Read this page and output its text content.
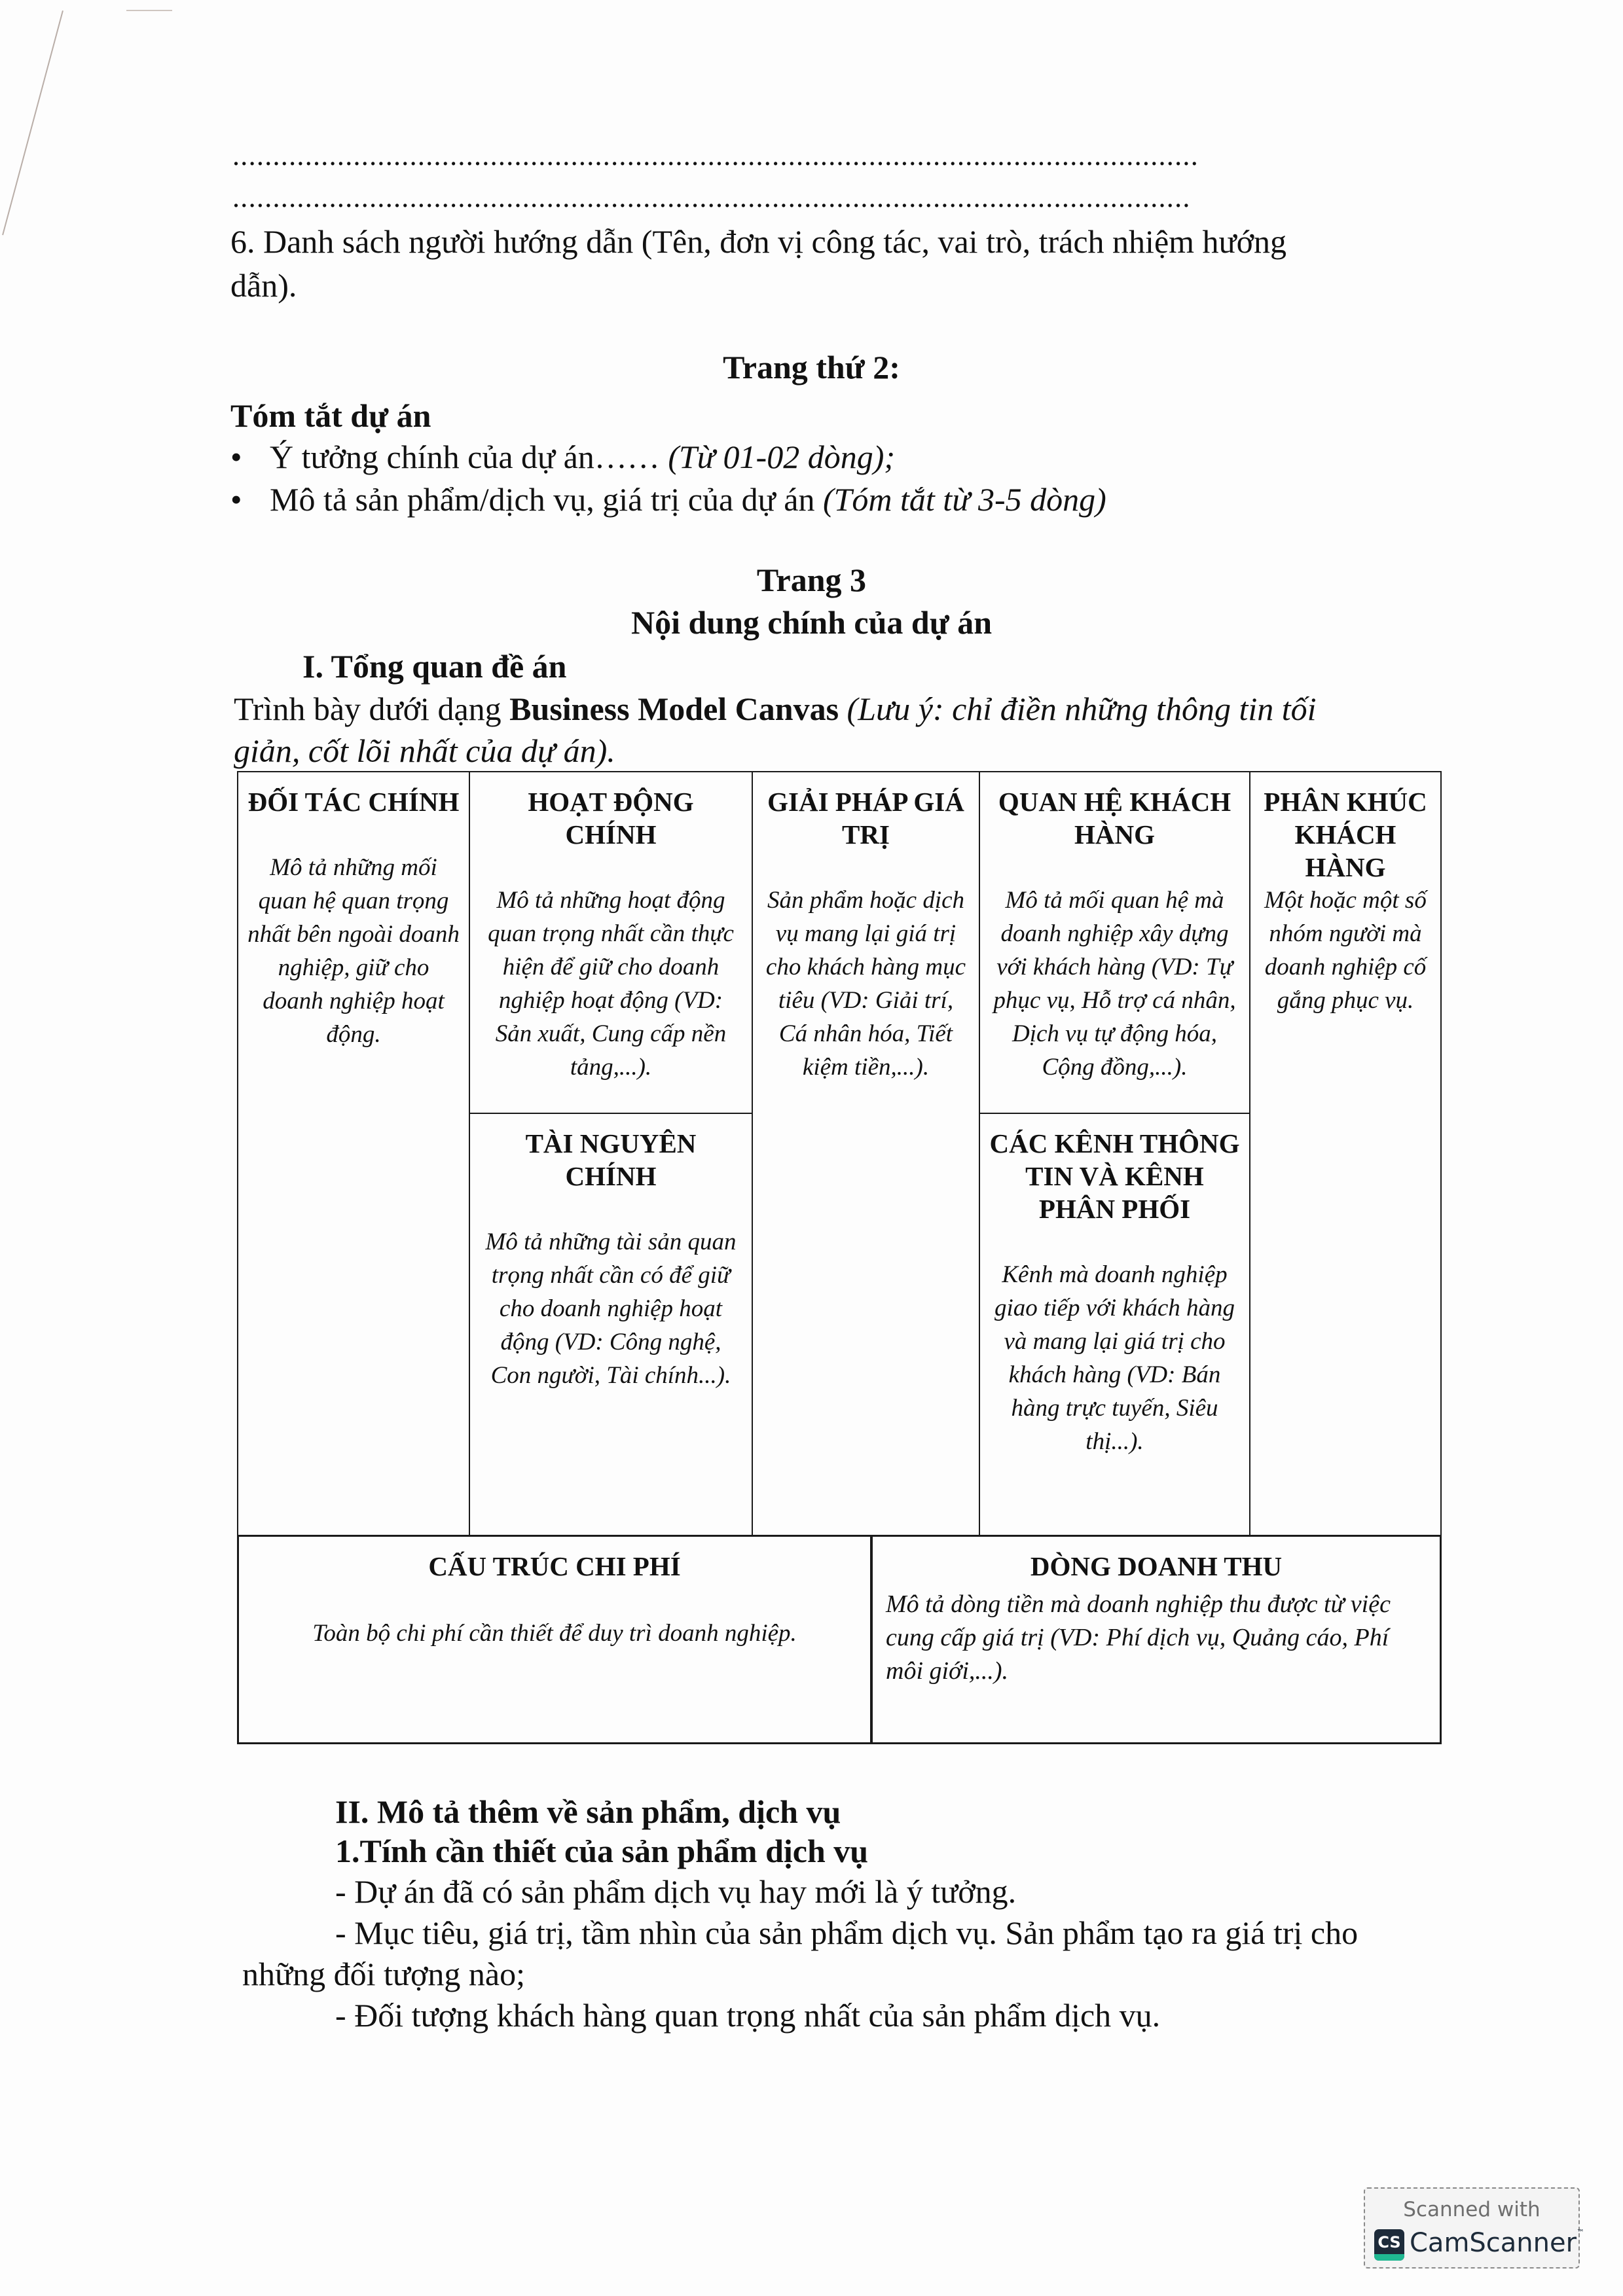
........................................................................................................................
.......................................................................................................................
6. Danh sách người hướng dẫn (Tên, đơn vị công tác, vai trò, trách nhiệm hướng
dẫn).
Trang thứ 2:
Tóm tắt dự án
• Ý tưởng chính của dự án…… (Từ 01-02 dòng);
• Mô tả sản phẩm/dịch vụ, giá trị của dự án (Tóm tắt từ 3-5 dòng)
Trang 3
Nội dung chính của dự án
I. Tổng quan đề án
Trình bày dưới dạng Business Model Canvas (Lưu ý: chỉ điền những thông tin tối
giản, cốt lõi nhất của dự án).
ĐỐI TÁC CHÍNH
Mô tả những mối quan hệ quan trọng nhất bên ngoài doanh nghiệp, giữ cho doanh nghiệp hoạt động.
HOẠT ĐỘNG CHÍNH
Mô tả những hoạt động quan trọng nhất cần thực hiện để giữ cho doanh nghiệp hoạt động (VD: Sản xuất, Cung cấp nền tảng,...).
TÀI NGUYÊN CHÍNH
Mô tả những tài sản quan trọng nhất cần có để giữ cho doanh nghiệp hoạt động (VD: Công nghệ, Con người, Tài chính...).
GIẢI PHÁP GIÁ TRỊ
Sản phẩm hoặc dịch vụ mang lại giá trị cho khách hàng mục tiêu (VD: Giải trí, Cá nhân hóa, Tiết kiệm tiền,...).
QUAN HỆ KHÁCH HÀNG
Mô tả mối quan hệ mà doanh nghiệp xây dựng với khách hàng (VD: Tự phục vụ, Hỗ trợ cá nhân, Dịch vụ tự động hóa, Cộng đồng,...).
CÁC KÊNH THÔNG TIN VÀ KÊNH PHÂN PHỐI
Kênh mà doanh nghiệp giao tiếp với khách hàng và mang lại giá trị cho khách hàng (VD: Bán hàng trực tuyến, Siêu thị...).
PHÂN KHÚC KHÁCH HÀNG
Một hoặc một số nhóm người mà doanh nghiệp cố gắng phục vụ.
CẤU TRÚC CHI PHÍ
Toàn bộ chi phí cần thiết để duy trì doanh nghiệp.
DÒNG DOANH THU
Mô tả dòng tiền mà doanh nghiệp thu được từ việc cung cấp giá trị (VD: Phí dịch vụ, Quảng cáo, Phí môi giới,...).
II. Mô tả thêm về sản phẩm, dịch vụ
1.Tính cần thiết của sản phẩm dịch vụ
- Dự án đã có sản phẩm dịch vụ hay mới là ý tưởng.
- Mục tiêu, giá trị, tầm nhìn của sản phẩm dịch vụ. Sản phẩm tạo ra giá trị cho
những đối tượng nào;
- Đối tượng khách hàng quan trọng nhất của sản phẩm dịch vụ.
Scanned with
CS CamScanner™
